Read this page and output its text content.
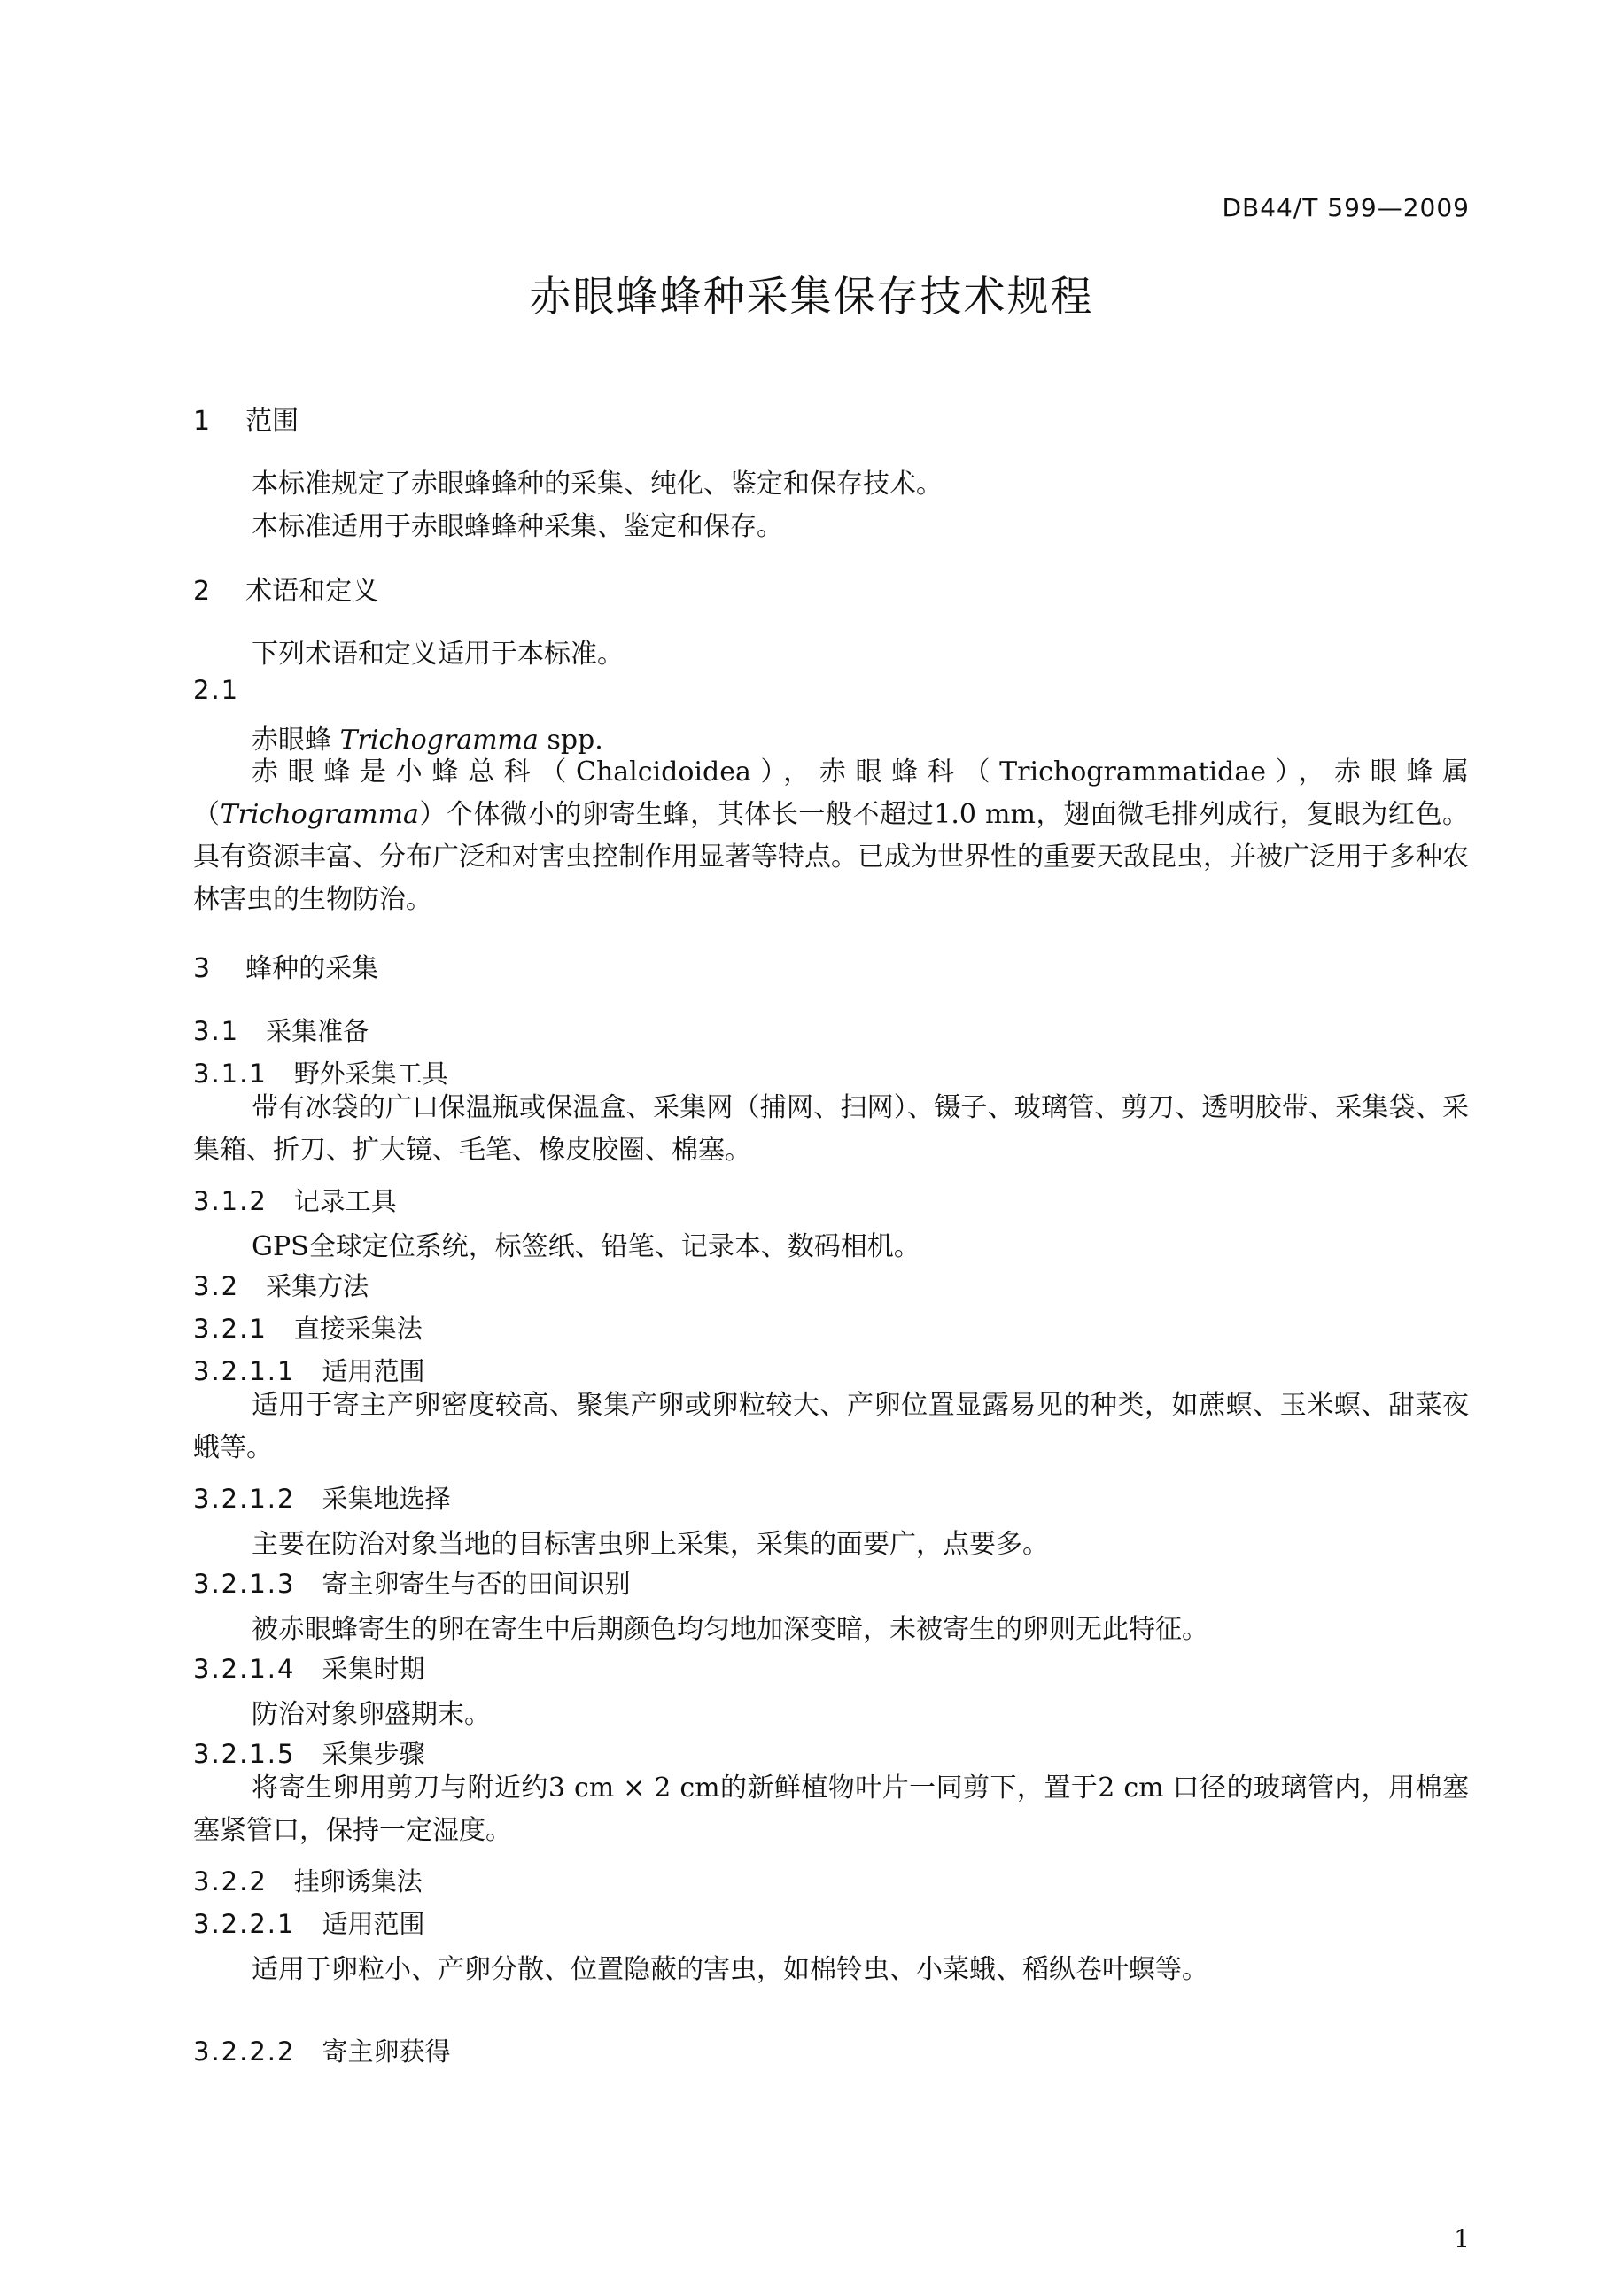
DB44/T 599—2009
赤眼蜂蜂种采集保存技术规程
1 范围
本标准规定了赤眼蜂蜂种的采集、纯化、鉴定和保存技术。
本标准适用于赤眼蜂蜂种采集、鉴定和保存。
2 术语和定义
下列术语和定义适用于本标准。
2.1
赤眼蜂 Trichogramma spp.
赤眼蜂是小蜂总科（Chalcidoidea），赤眼蜂科（Trichogrammatidae），赤眼蜂属（Trichogramma）个体微小的卵寄生蜂，其体长一般不超过1.0 mm，翅面微毛排列成行，复眼为红色。具有资源丰富、分布广泛和对害虫控制作用显著等特点。已成为世界性的重要天敌昆虫，并被广泛用于多种农林害虫的生物防治。
3 蜂种的采集
3.1 采集准备
3.1.1 野外采集工具
带有冰袋的广口保温瓶或保温盒、采集网（捕网、扫网）、镊子、玻璃管、剪刀、透明胶带、采集袋、采集箱、折刀、扩大镜、毛笔、橡皮胶圈、棉塞。
3.1.2 记录工具
GPS全球定位系统，标签纸、铅笔、记录本、数码相机。
3.2 采集方法
3.2.1 直接采集法
3.2.1.1 适用范围
适用于寄主产卵密度较高、聚集产卵或卵粒较大、产卵位置显露易见的种类，如蔗螟、玉米螟、甜菜夜蛾等。
3.2.1.2 采集地选择
主要在防治对象当地的目标害虫卵上采集，采集的面要广，点要多。
3.2.1.3 寄主卵寄生与否的田间识别
被赤眼蜂寄生的卵在寄生中后期颜色均匀地加深变暗，未被寄生的卵则无此特征。
3.2.1.4 采集时期
防治对象卵盛期末。
3.2.1.5 采集步骤
将寄生卵用剪刀与附近约3 cm × 2 cm的新鲜植物叶片一同剪下，置于2 cm 口径的玻璃管内，用棉塞塞紧管口，保持一定湿度。
3.2.2 挂卵诱集法
3.2.2.1 适用范围
适用于卵粒小、产卵分散、位置隐蔽的害虫，如棉铃虫、小菜蛾、稻纵卷叶螟等。
3.2.2.2 寄主卵获得
1
